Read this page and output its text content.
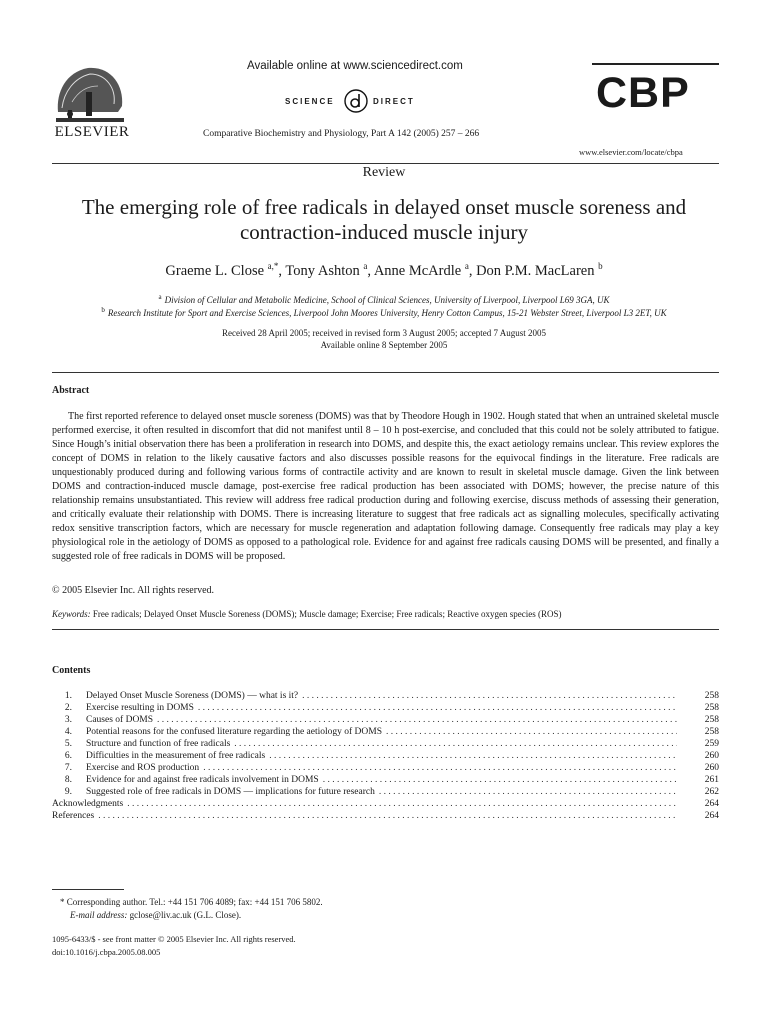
ELSEVIER
Available online at www.sciencedirect.com
SCIENCE	DIRECT
Comparative Biochemistry and Physiology, Part A 142 (2005) 257 – 266
CBP
www.elsevier.com/locate/cbpa
Review
The emerging role of free radicals in delayed onset muscle soreness and contraction-induced muscle injury
Graeme L. Close $^{a,*}$, Tony Ashton $^a$, Anne McArdle $^a$, Don P.M. MacLaren $^b$
$^a$ Division of Cellular and Metabolic Medicine, School of Clinical Sciences, University of Liverpool, Liverpool L69 3GA, UK
$^b$ Research Institute for Sport and Exercise Sciences, Liverpool John Moores University, Henry Cotton Campus, 15-21 Webster Street, Liverpool L3 2ET, UK
Received 28 April 2005; received in revised form 3 August 2005; accepted 7 August 2005
Available online 8 September 2005
Abstract
The first reported reference to delayed onset muscle soreness (DOMS) was that by Theodore Hough in 1902. Hough stated that when an untrained skeletal muscle performed exercise, it often resulted in discomfort that did not manifest until 8 – 10 h post-exercise, and concluded that this could not be solely attributed to fatigue. Since Hough’s initial observation there has been a proliferation in research into DOMS, and despite this, the exact aetiology remains unclear. This review explores the concept of DOMS in relation to the likely causative factors and also discusses possible reasons for the equivocal findings in the literature. Free radicals are unquestionably produced during and following various forms of contractile activity and are known to result in skeletal muscle damage. Given the link between DOMS and contraction-induced muscle damage, post-exercise free radical production has been associated with DOMS; however, the precise nature of this relationship remains unsubstantiated. This review will address free radical production during and following exercise, discuss methods of assessing their generation, and critically evaluate their relationship with DOMS. There is increasing literature to suggest that free radicals act as signalling molecules, specifically activating redox sensitive transcription factors, which are necessary for muscle regeneration and adaptation following damage. Consequently free radicals may play a key physiological role in the aetiology of DOMS as opposed to a pathological role. Evidence for and against free radicals causing DOMS will be presented, and finally a suggested role of free radicals in DOMS will be proposed.
© 2005 Elsevier Inc. All rights reserved.
Keywords: Free radicals; Delayed Onset Muscle Soreness (DOMS); Muscle damage; Exercise; Free radicals; Reactive oxygen species (ROS)
Contents
1.	Delayed Onset Muscle Soreness (DOMS) — what is it? . . .	258
2.	Exercise resulting in DOMS . . .	258
3.	Causes of DOMS . . .	258
4.	Potential reasons for the confused literature regarding the aetiology of DOMS . . .	258
5.	Structure and function of free radicals . . .	259
6.	Difficulties in the measurement of free radicals . . .	260
7.	Exercise and ROS production . . .	260
8.	Evidence for and against free radicals involvement in DOMS . . .	261
9.	Suggested role of free radicals in DOMS — implications for future research . . .	262
Acknowledgments . . .	264
References . . .	264
* Corresponding author. Tel.: +44 151 706 4089; fax: +44 151 706 5802.
E-mail address: gclose@liv.ac.uk (G.L. Close).
1095-6433/$ - see front matter © 2005 Elsevier Inc. All rights reserved.
doi:10.1016/j.cbpa.2005.08.005
